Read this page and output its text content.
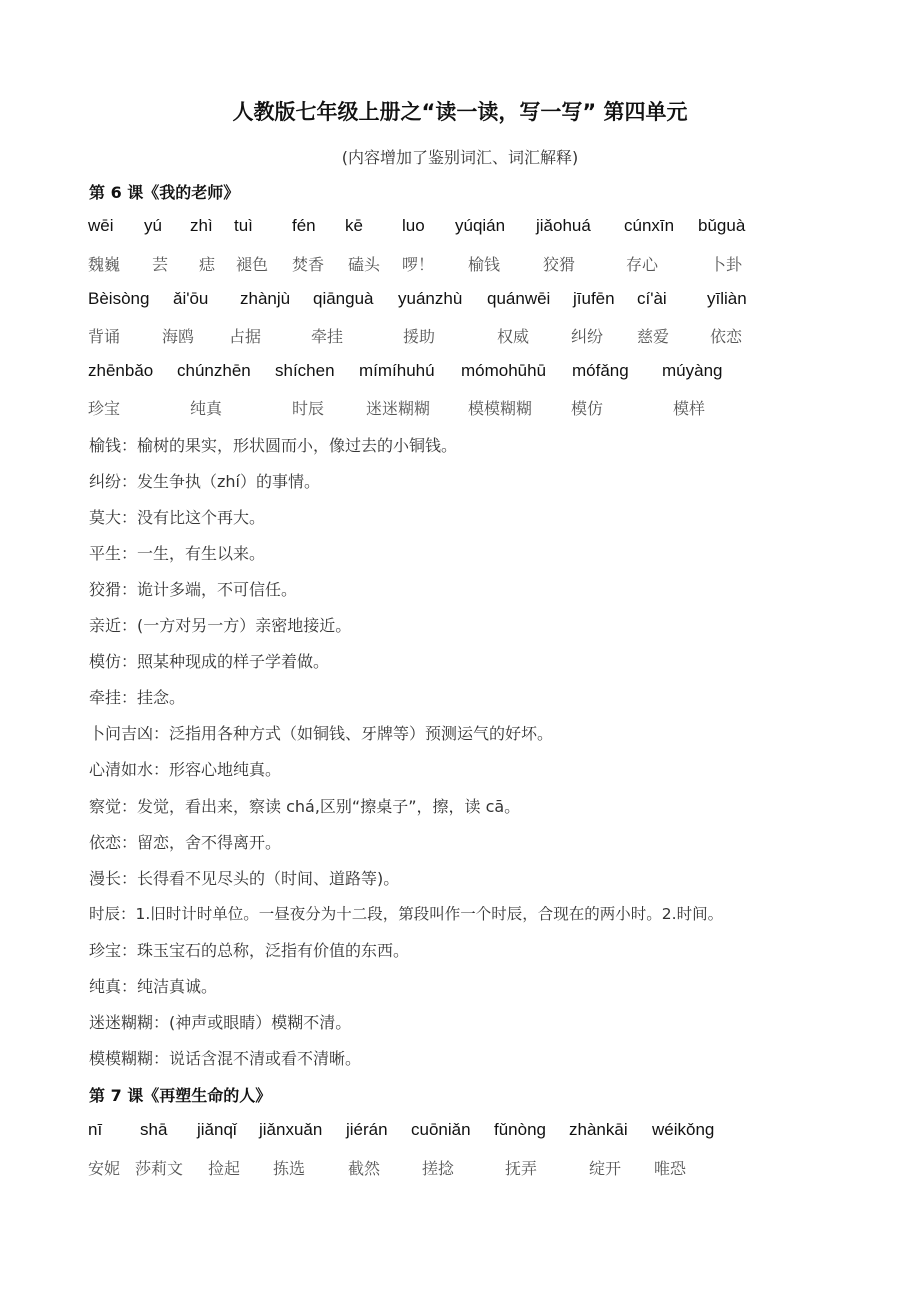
人教版七年级上册之“读一读，写一写” 第四单元
(内容增加了鉴别词汇、词汇解释)
第 6 课《我的老师》
wēi yú zhì tuì fén kē luo yúqián jiǎohuá cúnxīn bǔguà
魏巍 芸 痣 褪色 焚香 磕头 啰！ 榆钱	狡猾	存心	卜卦
Bèisòng ǎi'ōu zhànjù qiānguà yuánzhù quánwēi jīufēn cí'ài yīliàn
背诵	海鸥 占据	牵挂	援助	权威	纠纷 慈爱	依恋
zhēnbǎo chúnzhēn shíchen mímíhuhú mómohūhū mófǎng múyàng
珍宝	纯真	时辰	迷迷糊糊 模模糊糊 模仿	模样
榆钱：榆树的果实，形状圆而小，像过去的小铜钱。
纠纷：发生争执（zhí）的事情。
莫大：没有比这个再大。
平生：一生，有生以来。
狡猾：诡计多端，不可信任。
亲近：(一方对另一方）亲密地接近。
模仿：照某种现成的样子学着做。
牵挂：挂念。
卜问吉凶：泛指用各种方式（如铜钱、牙牌等）预测运气的好坏。
心清如水：形容心地纯真。
察觉：发觉，看出来，察读 chá,区别“擦桌子”，擦，读 cā。
依恋：留恋，舍不得离开。
漫长：长得看不见尽头的（时间、道路等)。
时辰：1.旧时计时单位。一昼夜分为十二段，第段叫作一个时辰，合现在的两小时。2.时间。
珍宝：珠玉宝石的总称，泛指有价值的东西。
纯真：纯洁真诚。
迷迷糊糊：(神声或眼睛）模糊不清。
模模糊糊：说话含混不清或看不清晰。
第 7 课《再塑生命的人》
nī shā jiǎnqǐ jiǎnxuǎn jiérán cuōniǎn fǔnòng zhànkāi wéikǒng
安妮 莎莉文 捡起 拣选	截然	搓捻	抚弄	绽开 唯恐
